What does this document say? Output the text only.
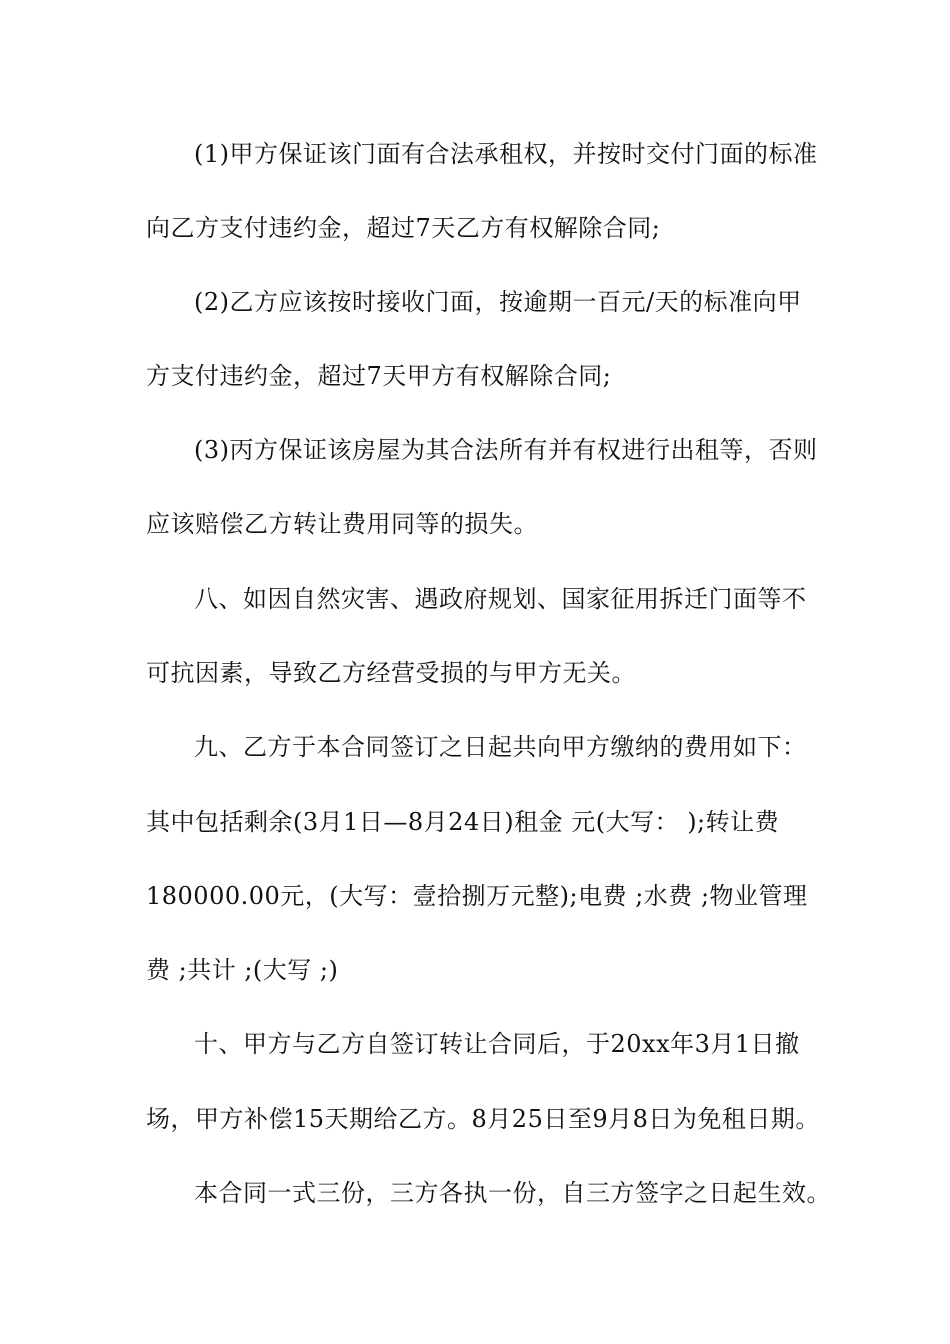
(1)甲方保证该门面有合法承租权，并按时交付门面的标准
向乙方支付违约金，超过7天乙方有权解除合同;
(2)乙方应该按时接收门面，按逾期一百元/天的标准向甲
方支付违约金，超过7天甲方有权解除合同;
(3)丙方保证该房屋为其合法所有并有权进行出租等，否则
应该赔偿乙方转让费用同等的损失。
八、如因自然灾害、遇政府规划、国家征用拆迁门面等不
可抗因素，导致乙方经营受损的与甲方无关。
九、乙方于本合同签订之日起共向甲方缴纳的费用如下：
其中包括剩余(3月1日—8月24日)租金 元(大写： );转让费
180000.00元，(大写：壹拾捌万元整);电费 ;水费 ;物业管理
费 ;共计 ;(大写 ;)
十、甲方与乙方自签订转让合同后，于20xx年3月1日撤
场，甲方补偿15天期给乙方。8月25日至9月8日为免租日期。
本合同一式三份，三方各执一份，自三方签字之日起生效。
